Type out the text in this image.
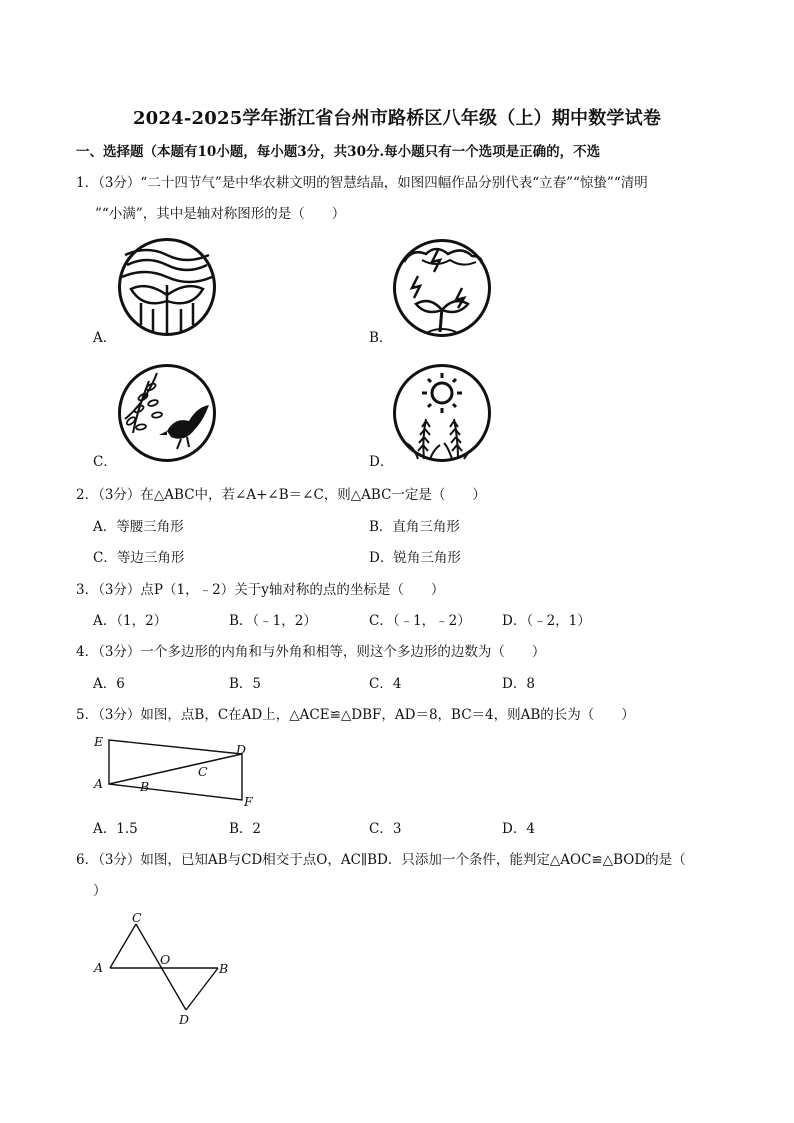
2024-2025学年浙江省台州市路桥区八年级（上）期中数学试卷
一、选择题（本题有10小题，每小题3分，共30分.每小题只有一个选项是正确的，不选
1．（3分）“二十四节气”是中华农耕文明的智慧结晶，如图四幅作品分别代表“立春”“惊蛰”“清明
”“小满”，其中是轴对称图形的是（　　）
A．	B．
C．	D．
2．（3分）在△ABC中，若∠A+∠B＝∠C，则△ABC一定是（　　）
A．等腰三角形	B．直角三角形
C．等边三角形	D．锐角三角形
3．（3分）点P（1，﹣2）关于y轴对称的点的坐标是（　　）
A．（1，2）	B．（﹣1，2）	C．（﹣1，﹣2） D．（﹣2，1）
4．（3分）一个多边形的内角和与外角和相等，则这个多边形的边数为（　　）
A．6	B．5	C．4	D．8
5．（3分）如图，点B，C在AD上，△ACE≌△DBF，AD＝8，BC＝4，则AB的长为（　　）
E
D
C
A	B
F
A．1.5	B．2	C．3	D．4
6．（3分）如图，已知AB与CD相交于点O，AC∥BD．只添加一个条件，能判定△AOC≌△BOD的是（
）
C
A
O
B
D
